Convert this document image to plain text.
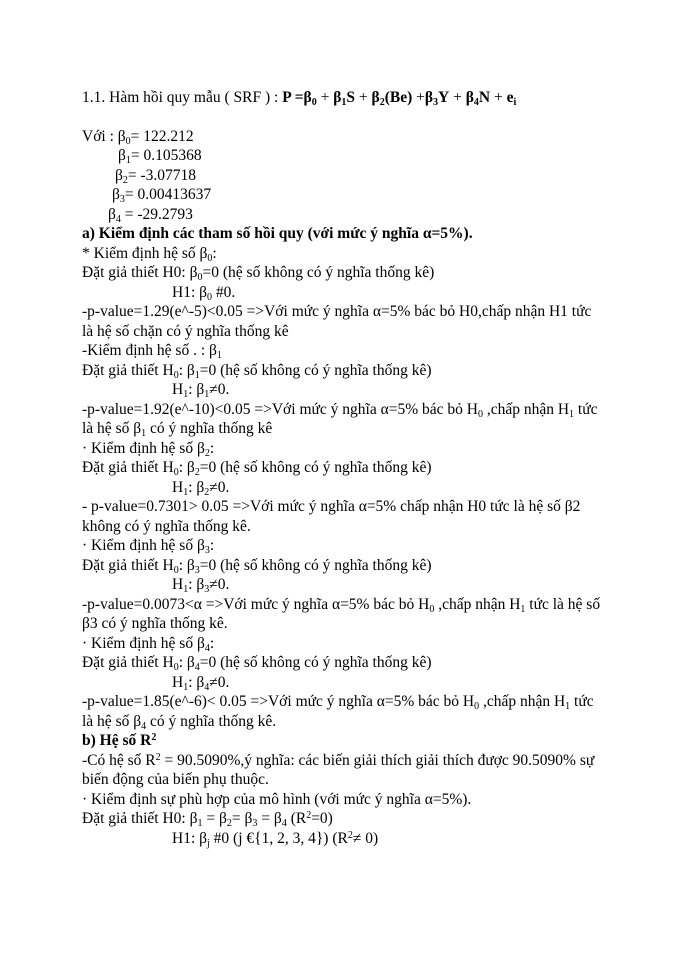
1.1. Hàm hồi quy mẫu ( SRF ) : $P =\beta_0 + \beta_1S + \beta_2(Be) +\beta_3Y + \beta_4N + e_i$
Với : $\beta_0= 122.212$
$\beta_1= 0.105368$
$\beta_2= -3.07718$
$\beta_3= 0.00413637$
$\beta_4 = -29.2793$
a) Kiểm định các tham số hồi quy (với mức ý nghĩa α=5%).
* Kiểm định hệ số $\beta_0$:
Đặt giả thiết H0: $\beta_0=0$ (hệ số không có ý nghĩa thống kê)
H1: $\beta_0$ #0.
-p-value=1.29(e^-5)<0.05 =>Với mức ý nghĩa α=5% bác bỏ H0,chấp nhận H1 tức
là hệ số chặn có ý nghĩa thống kê
-Kiểm định hệ số . : $\beta_1$
Đặt giả thiết $H_0$: $\beta_1=0$ (hệ số không có ý nghĩa thống kê)
$H_1$: $\beta_1\ne 0$.
-p-value=1.92(e^-10)<0.05 =>Với mức ý nghĩa α=5% bác bỏ $H_0$ ,chấp nhận $H_1$ tức
là hệ số $\beta_1$ có ý nghĩa thống kê
· Kiểm định hệ số $\beta_2$:
Đặt giả thiết $H_0$: $\beta_2=0$ (hệ số không có ý nghĩa thống kê)
$H_1$: $\beta_2\ne 0$.
- p-value=0.7301> 0.05 =>Với mức ý nghĩa α=5% chấp nhận H0 tức là hệ số β2
không có ý nghĩa thống kê.
· Kiểm định hệ số $\beta_3$:
Đặt giả thiết $H_0$: $\beta_3=0$ (hệ số không có ý nghĩa thống kê)
$H_1$: $\beta_3\ne 0$.
-p-value=0.0073<α =>Với mức ý nghĩa α=5% bác bỏ $H_0$ ,chấp nhận $H_1$ tức là hệ số
β3 có ý nghĩa thống kê.
· Kiểm định hệ số $\beta_4$:
Đặt giả thiết $H_0$: $\beta_4=0$ (hệ số không có ý nghĩa thống kê)
$H_1$: $\beta_4\ne 0$.
-p-value=1.85(e^-6)< 0.05 =>Với mức ý nghĩa α=5% bác bỏ $H_0$ ,chấp nhận $H_1$ tức
là hệ số $\beta_4$ có ý nghĩa thống kê.
b) Hệ số $R^2$
-Có hệ số $R^2$ = 90.5090%,ý nghĩa: các biến giải thích giải thích được 90.5090% sự
biến động của biến phụ thuộc.
· Kiểm định sự phù hợp của mô hình (với mức ý nghĩa α=5%).
Đặt giả thiết H0: $\beta_1 = \beta_2= \beta_3 = \beta_4$ $(R^2=0)$
H1: $\beta_j$ #0 (j €{1, 2, 3, 4}) $(R^2\ne 0)$
